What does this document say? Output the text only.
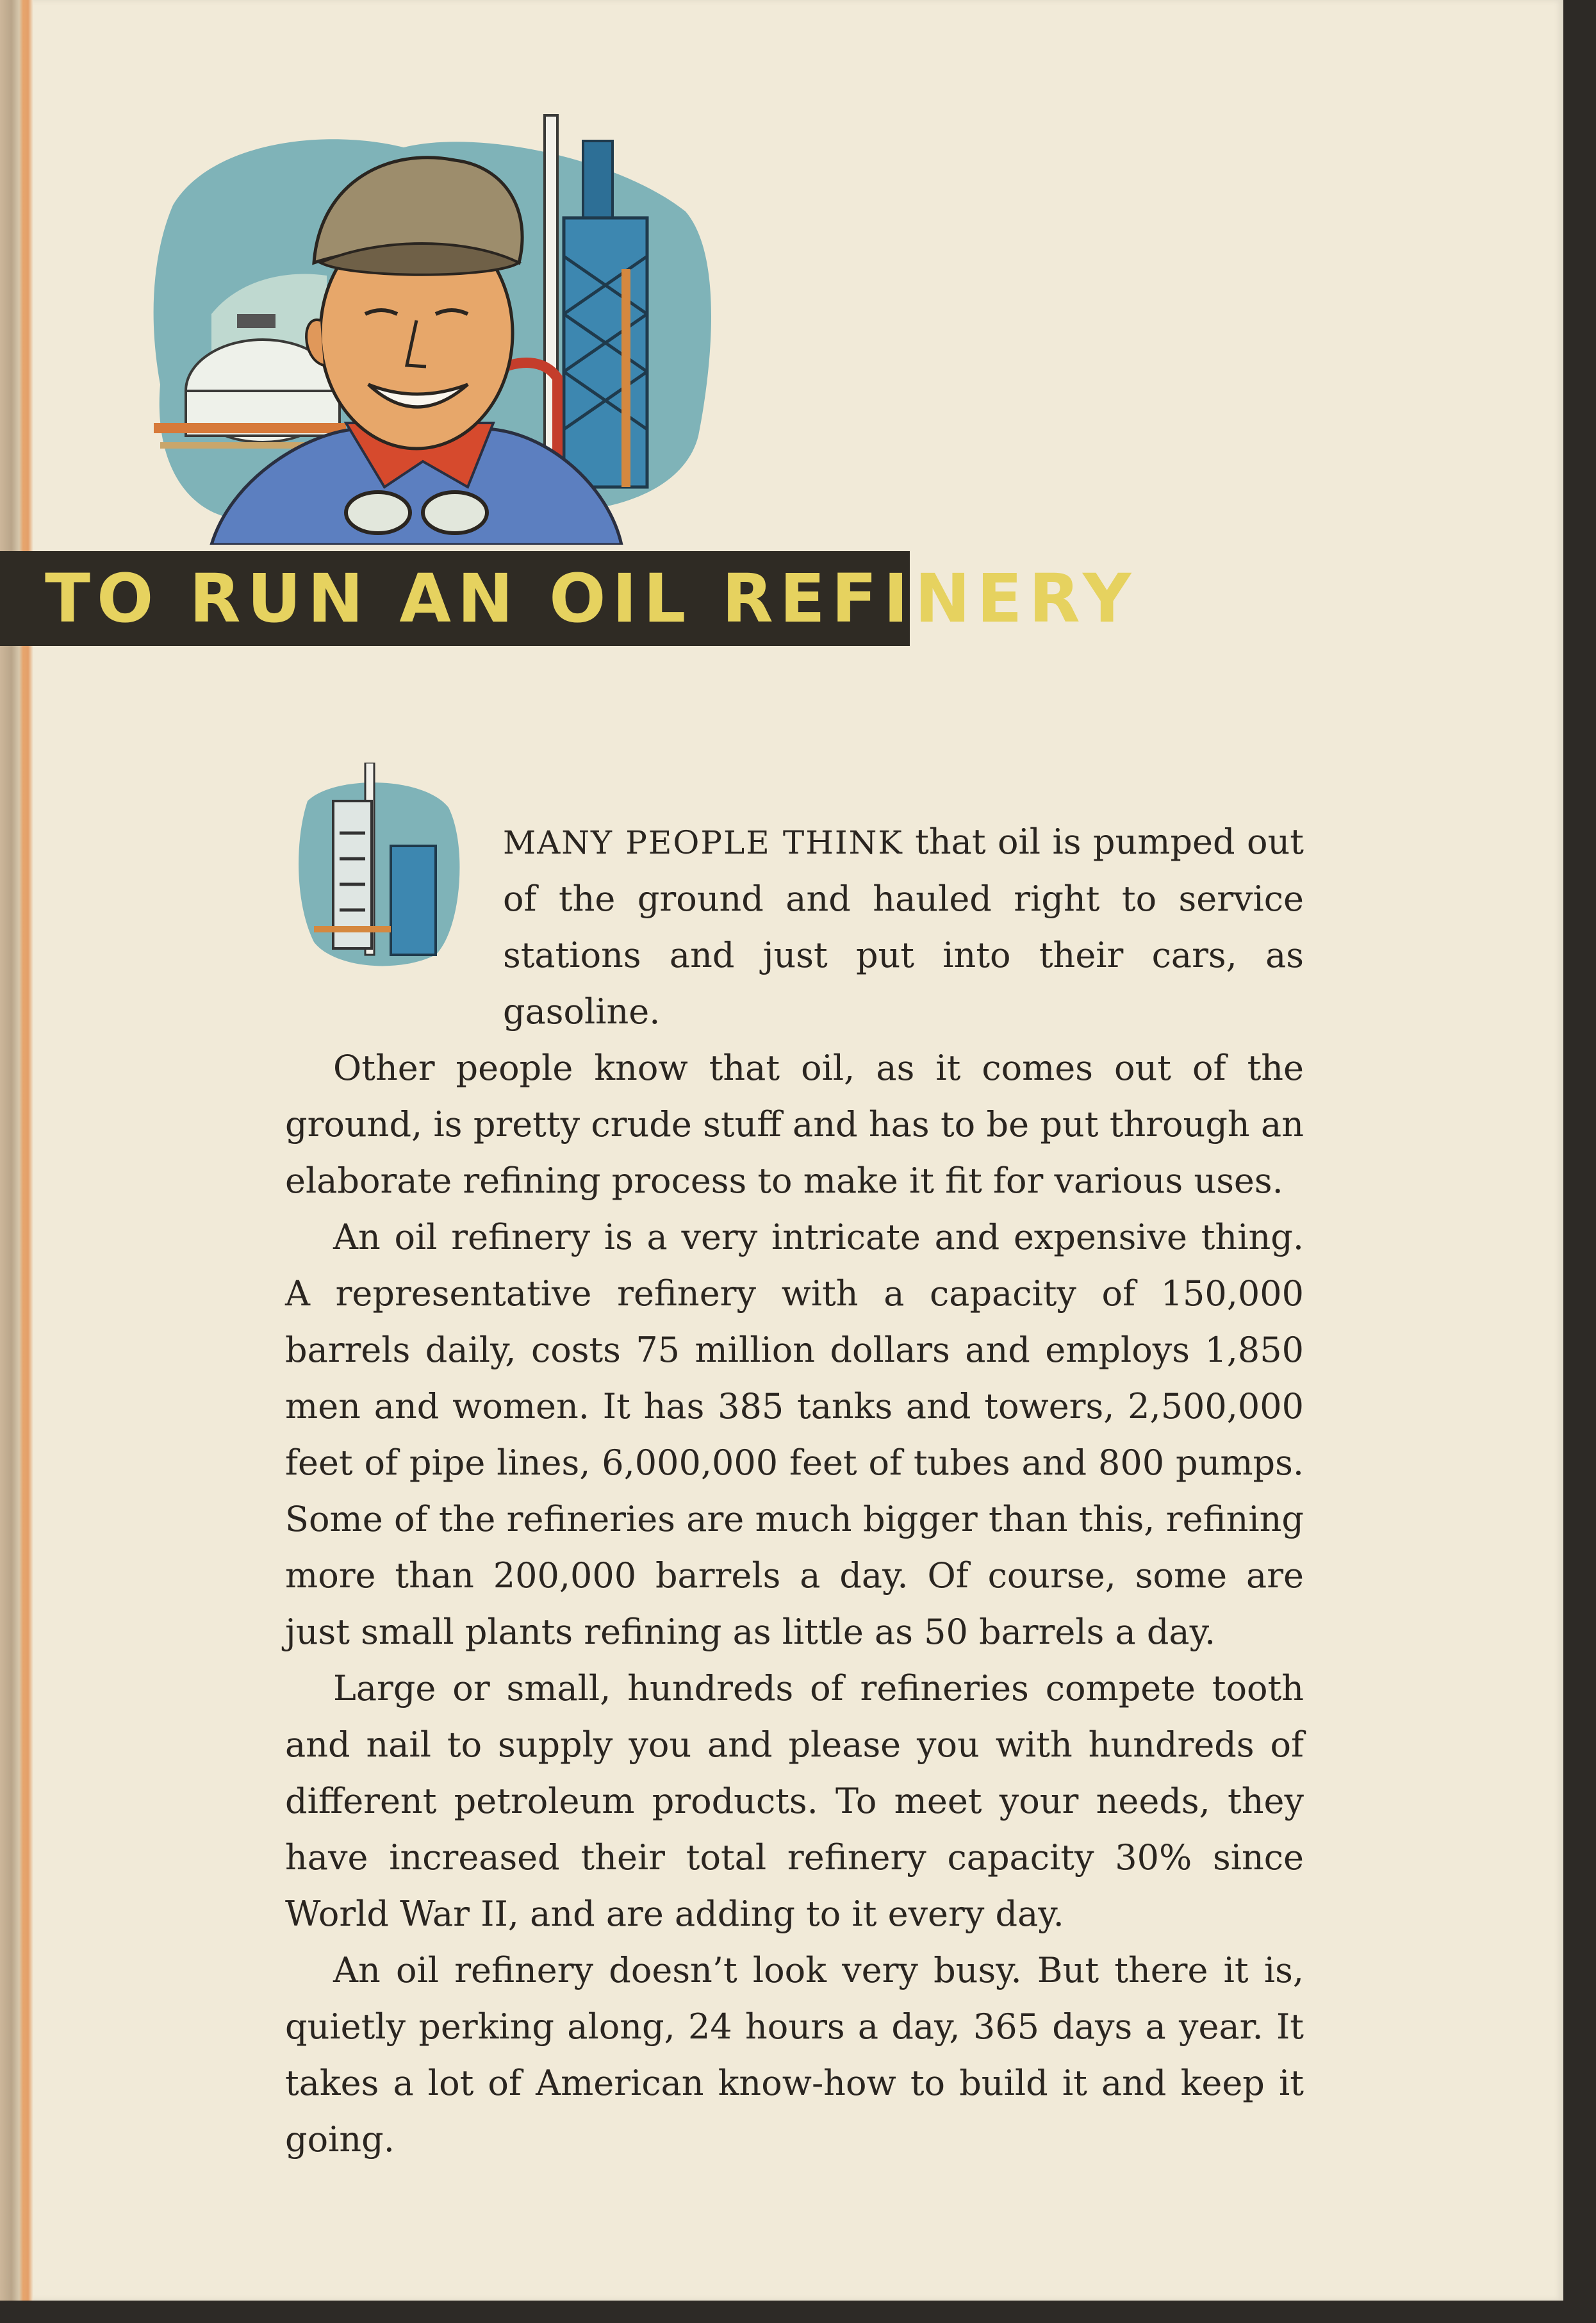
TO RUN AN OIL REFINERY

MANY PEOPLE THINK that oil is pumped out of the ground and hauled right to service stations and just put into their cars, as gasoline.

Other people know that oil, as it comes out of the ground, is pretty crude stuff and has to be put through an elaborate refining process to make it fit for various uses.

An oil refinery is a very intricate and expensive thing. A representative refinery with a capacity of 150,000 barrels daily, costs 75 million dollars and employs 1,850 men and women. It has 385 tanks and towers, 2,500,000 feet of pipe lines, 6,000,000 feet of tubes and 800 pumps. Some of the refineries are much bigger than this, refining more than 200,000 barrels a day. Of course, some are just small plants refining as little as 50 barrels a day.

Large or small, hundreds of refineries compete tooth and nail to supply you and please you with hundreds of different petroleum products. To meet your needs, they have increased their total refinery capacity 30% since World War II, and are adding to it every day.

An oil refinery doesn’t look very busy. But there it is, quietly perking along, 24 hours a day, 365 days a year. It takes a lot of American know-how to build it and keep it going.
